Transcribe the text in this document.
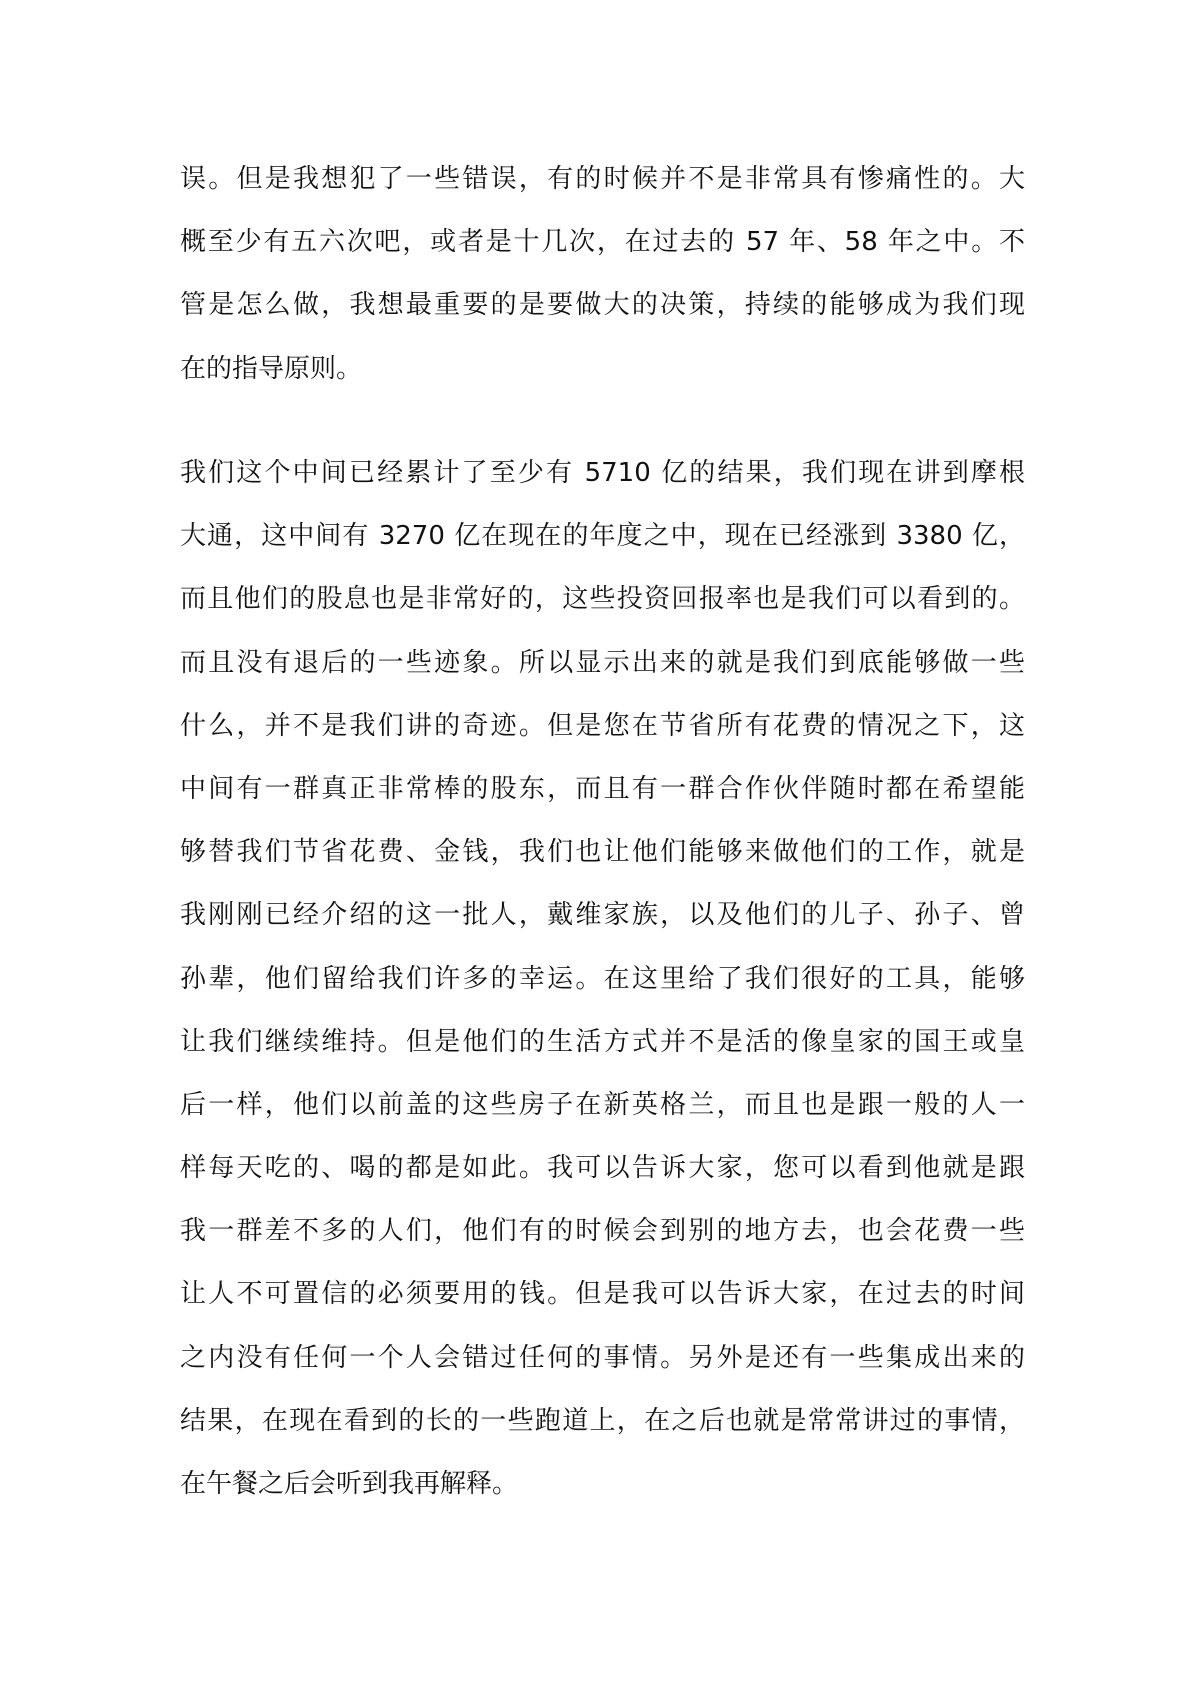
误。但是我想犯了一些错误，有的时候并不是非常具有惨痛性的。大
概至少有五六次吧，或者是十几次，在过去的 57 年、58 年之中。不
管是怎么做，我想最重要的是要做大的决策，持续的能够成为我们现
在的指导原则。
我们这个中间已经累计了至少有 5710 亿的结果，我们现在讲到摩根
大通，这中间有 3270 亿在现在的年度之中，现在已经涨到 3380 亿，
而且他们的股息也是非常好的，这些投资回报率也是我们可以看到的。
而且没有退后的一些迹象。所以显示出来的就是我们到底能够做一些
什么，并不是我们讲的奇迹。但是您在节省所有花费的情况之下，这
中间有一群真正非常棒的股东，而且有一群合作伙伴随时都在希望能
够替我们节省花费、金钱，我们也让他们能够来做他们的工作，就是
我刚刚已经介绍的这一批人，戴维家族，以及他们的儿子、孙子、曾
孙辈，他们留给我们许多的幸运。在这里给了我们很好的工具，能够
让我们继续维持。但是他们的生活方式并不是活的像皇家的国王或皇
后一样，他们以前盖的这些房子在新英格兰，而且也是跟一般的人一
样每天吃的、喝的都是如此。我可以告诉大家，您可以看到他就是跟
我一群差不多的人们，他们有的时候会到别的地方去，也会花费一些
让人不可置信的必须要用的钱。但是我可以告诉大家，在过去的时间
之内没有任何一个人会错过任何的事情。另外是还有一些集成出来的
结果，在现在看到的长的一些跑道上，在之后也就是常常讲过的事情，
在午餐之后会听到我再解释。
